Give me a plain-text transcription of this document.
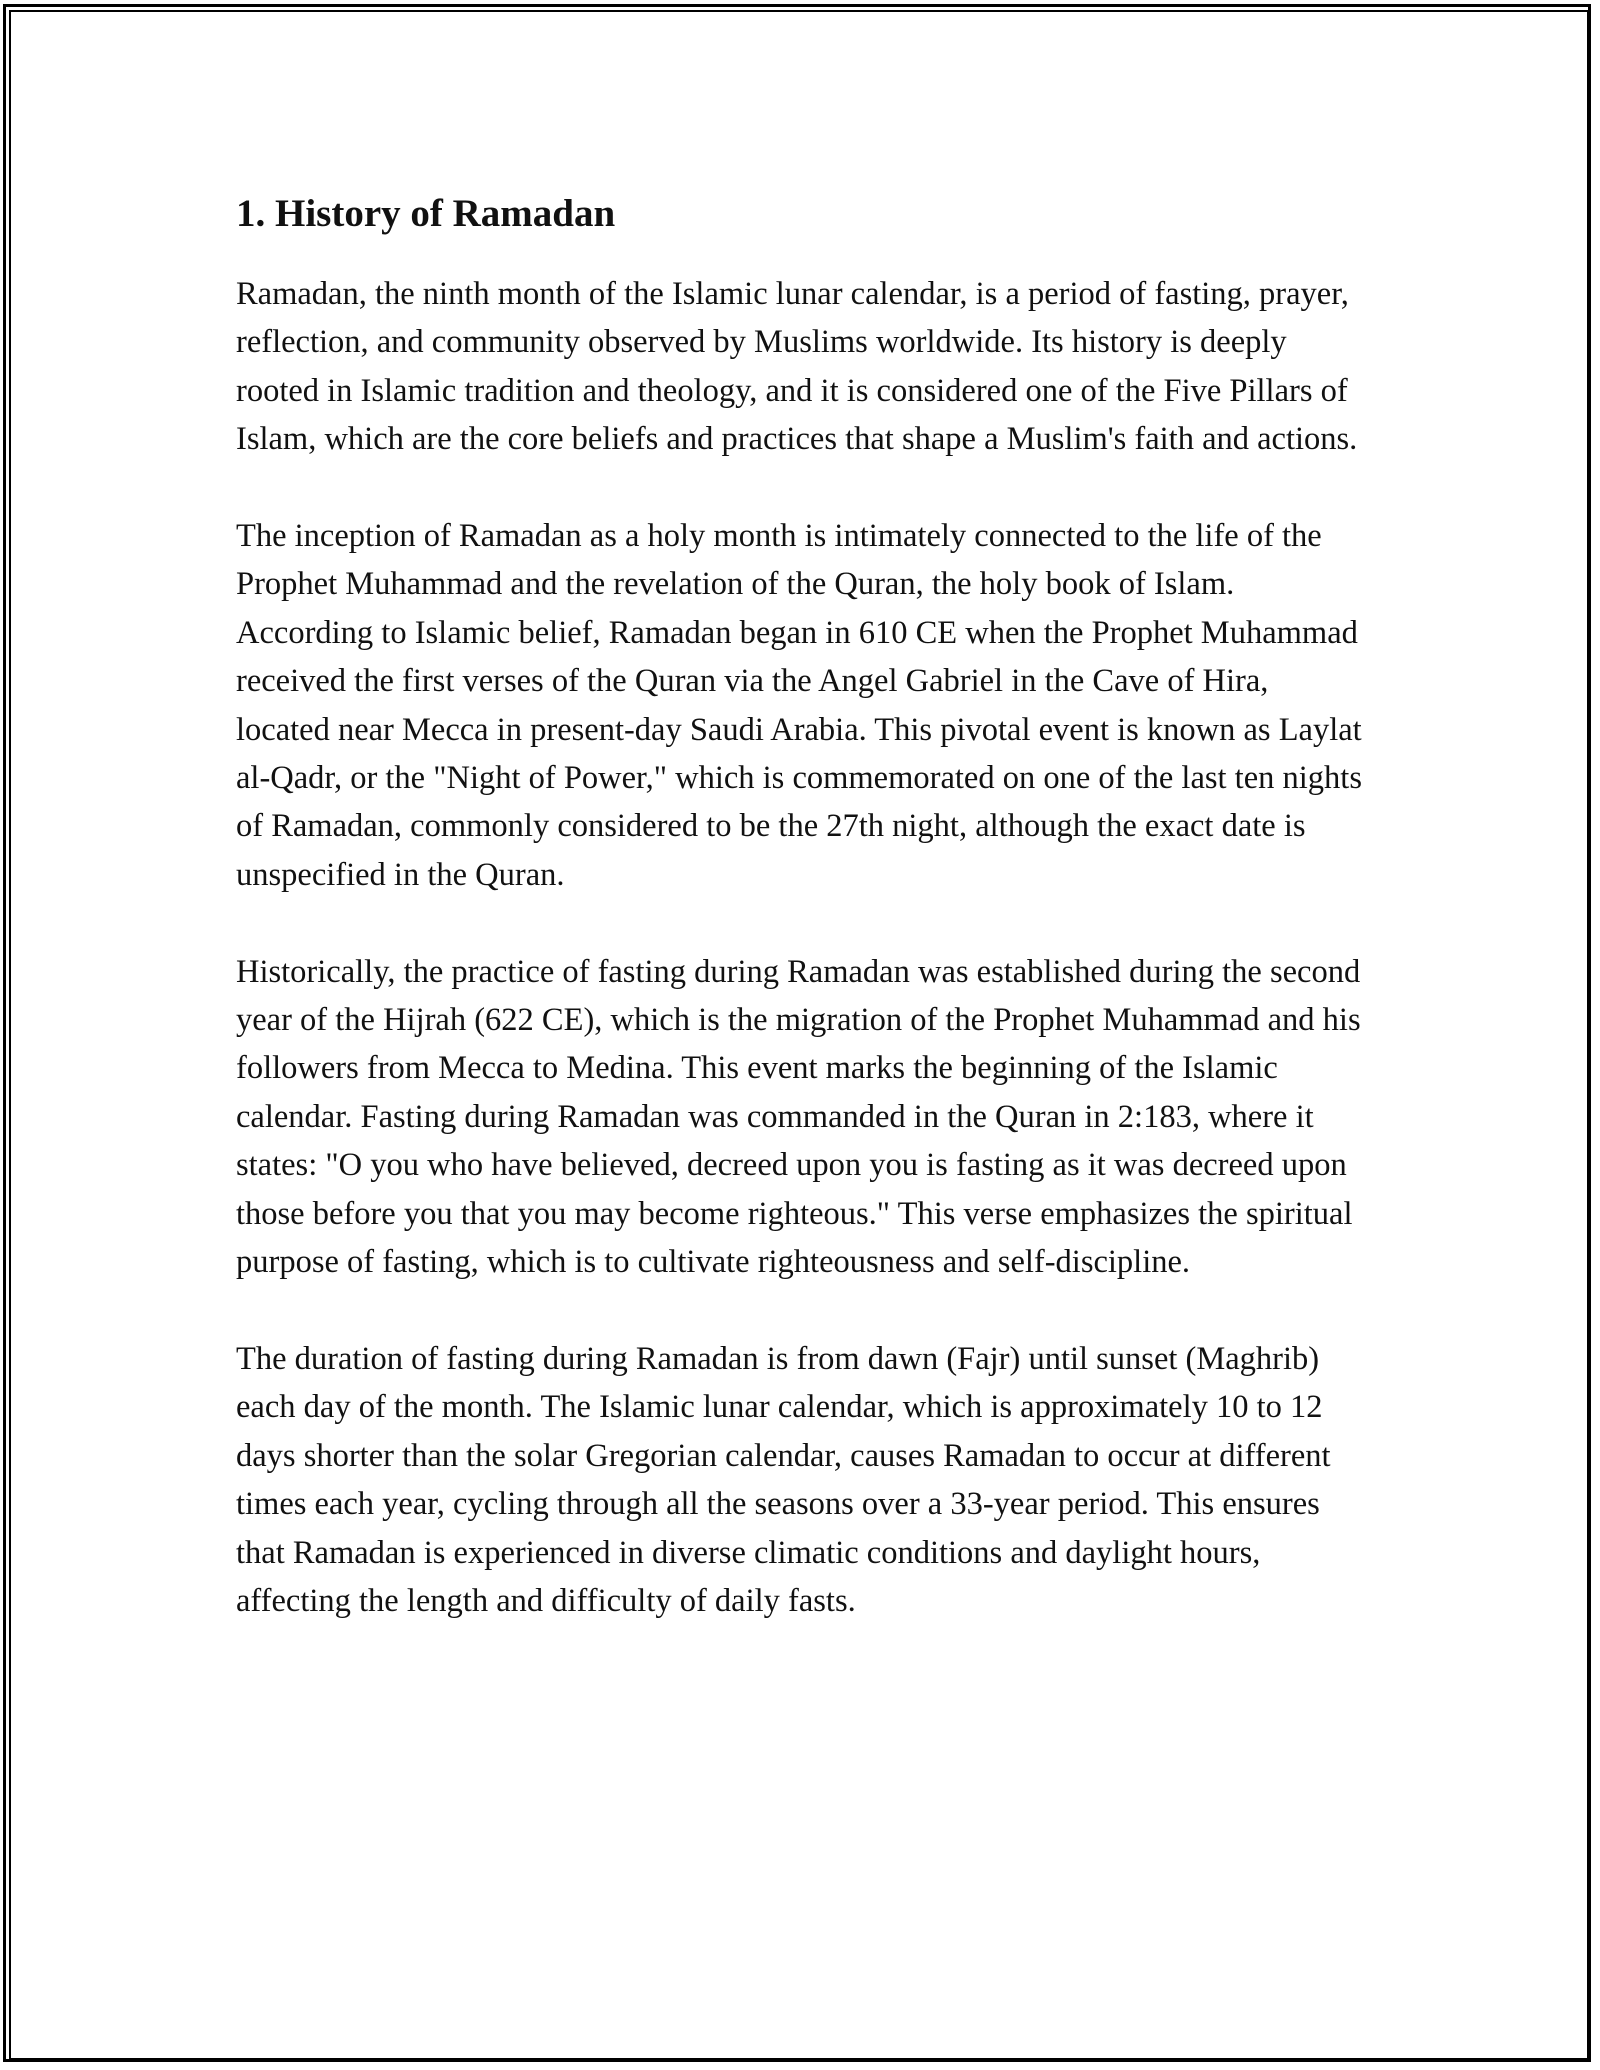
1. History of Ramadan

Ramadan, the ninth month of the Islamic lunar calendar, is a period of fasting, prayer, reflection, and community observed by Muslims worldwide. Its history is deeply rooted in Islamic tradition and theology, and it is considered one of the Five Pillars of Islam, which are the core beliefs and practices that shape a Muslim's faith and actions.

The inception of Ramadan as a holy month is intimately connected to the life of the Prophet Muhammad and the revelation of the Quran, the holy book of Islam. According to Islamic belief, Ramadan began in 610 CE when the Prophet Muhammad received the first verses of the Quran via the Angel Gabriel in the Cave of Hira, located near Mecca in present-day Saudi Arabia. This pivotal event is known as Laylat al-Qadr, or the "Night of Power," which is commemorated on one of the last ten nights of Ramadan, commonly considered to be the 27th night, although the exact date is unspecified in the Quran.

Historically, the practice of fasting during Ramadan was established during the second year of the Hijrah (622 CE), which is the migration of the Prophet Muhammad and his followers from Mecca to Medina. This event marks the beginning of the Islamic calendar. Fasting during Ramadan was commanded in the Quran in 2:183, where it states: "O you who have believed, decreed upon you is fasting as it was decreed upon those before you that you may become righteous." This verse emphasizes the spiritual purpose of fasting, which is to cultivate righteousness and self-discipline.

The duration of fasting during Ramadan is from dawn (Fajr) until sunset (Maghrib) each day of the month. The Islamic lunar calendar, which is approximately 10 to 12 days shorter than the solar Gregorian calendar, causes Ramadan to occur at different times each year, cycling through all the seasons over a 33-year period. This ensures that Ramadan is experienced in diverse climatic conditions and daylight hours, affecting the length and difficulty of daily fasts.
